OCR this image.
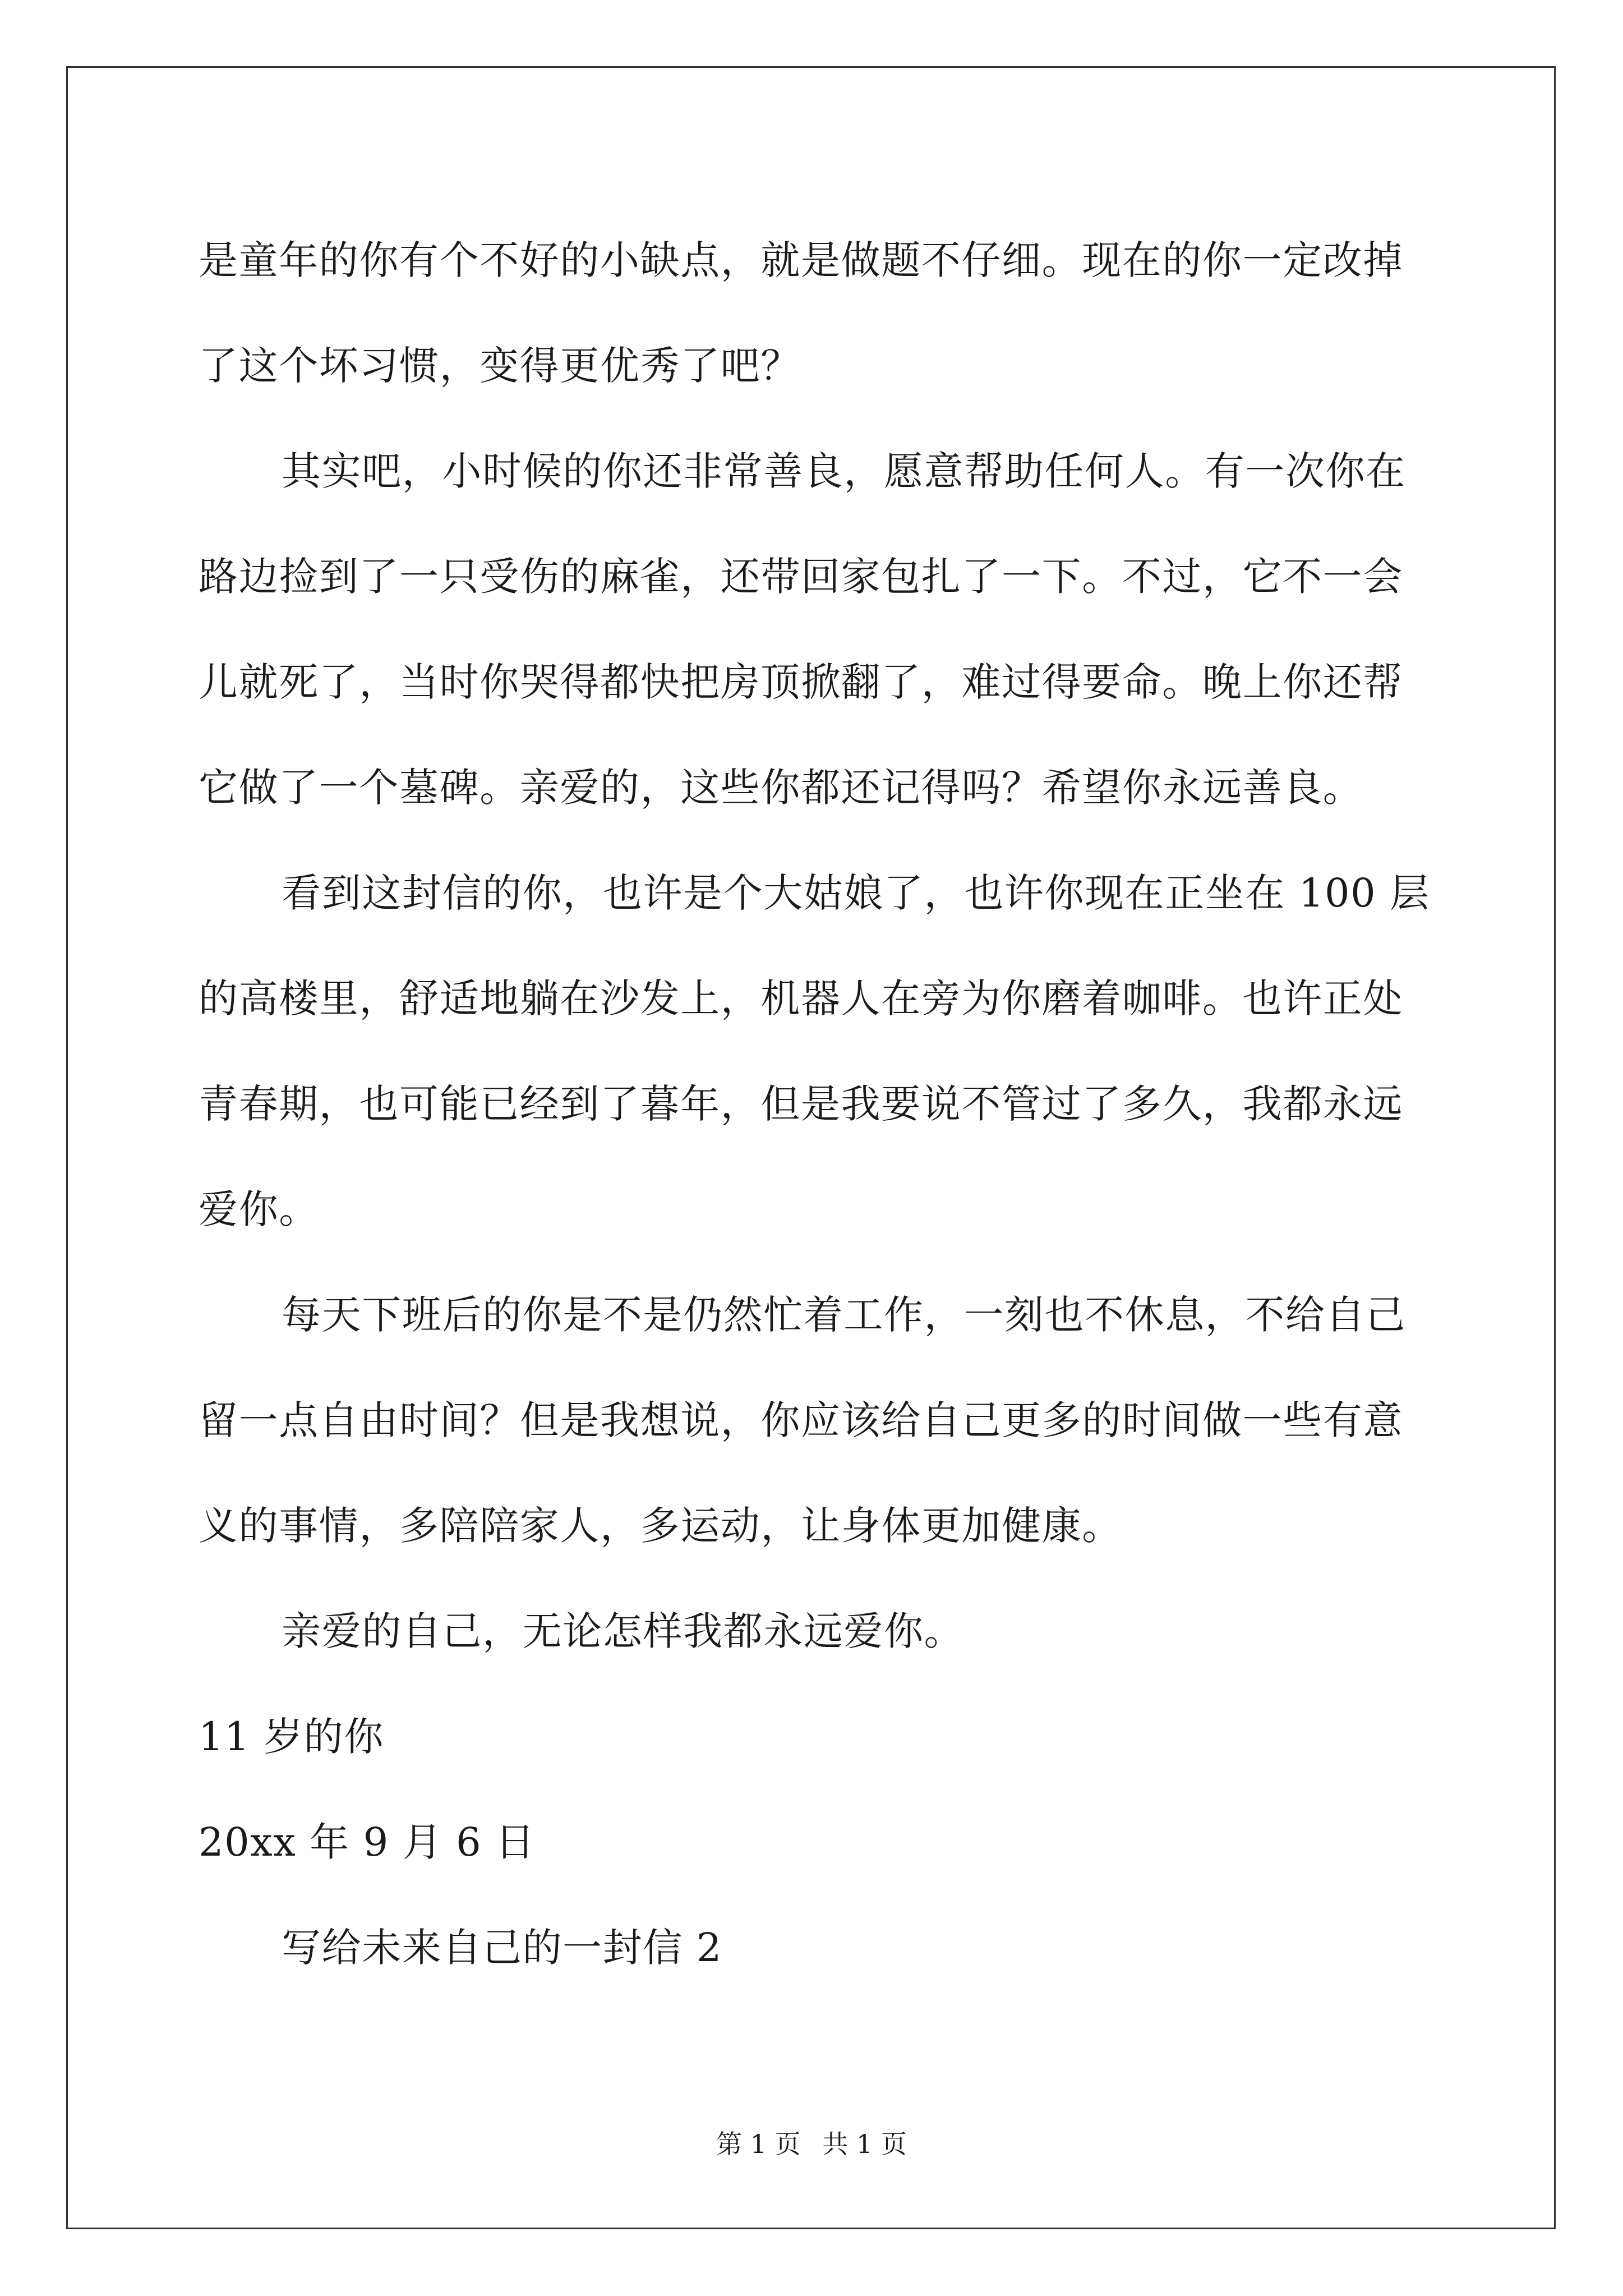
是童年的你有个不好的小缺点，就是做题不仔细。现在的你一定改掉

了这个坏习惯，变得更优秀了吧？

其实吧，小时候的你还非常善良，愿意帮助任何人。有一次你在

路边捡到了一只受伤的麻雀，还带回家包扎了一下。不过，它不一会

儿就死了，当时你哭得都快把房顶掀翻了，难过得要命。晚上你还帮

它做了一个墓碑。亲爱的，这些你都还记得吗？希望你永远善良。

看到这封信的你，也许是个大姑娘了，也许你现在正坐在 100 层

的高楼里，舒适地躺在沙发上，机器人在旁为你磨着咖啡。也许正处

青春期，也可能已经到了暮年，但是我要说不管过了多久，我都永远

爱你。

每天下班后的你是不是仍然忙着工作，一刻也不休息，不给自己

留一点自由时间？但是我想说，你应该给自己更多的时间做一些有意

义的事情，多陪陪家人，多运动，让身体更加健康。

亲爱的自己，无论怎样我都永远爱你。

11 岁的你

20xx 年 9 月 6 日

写给未来自己的一封信 2

第 1 页 共 1 页
